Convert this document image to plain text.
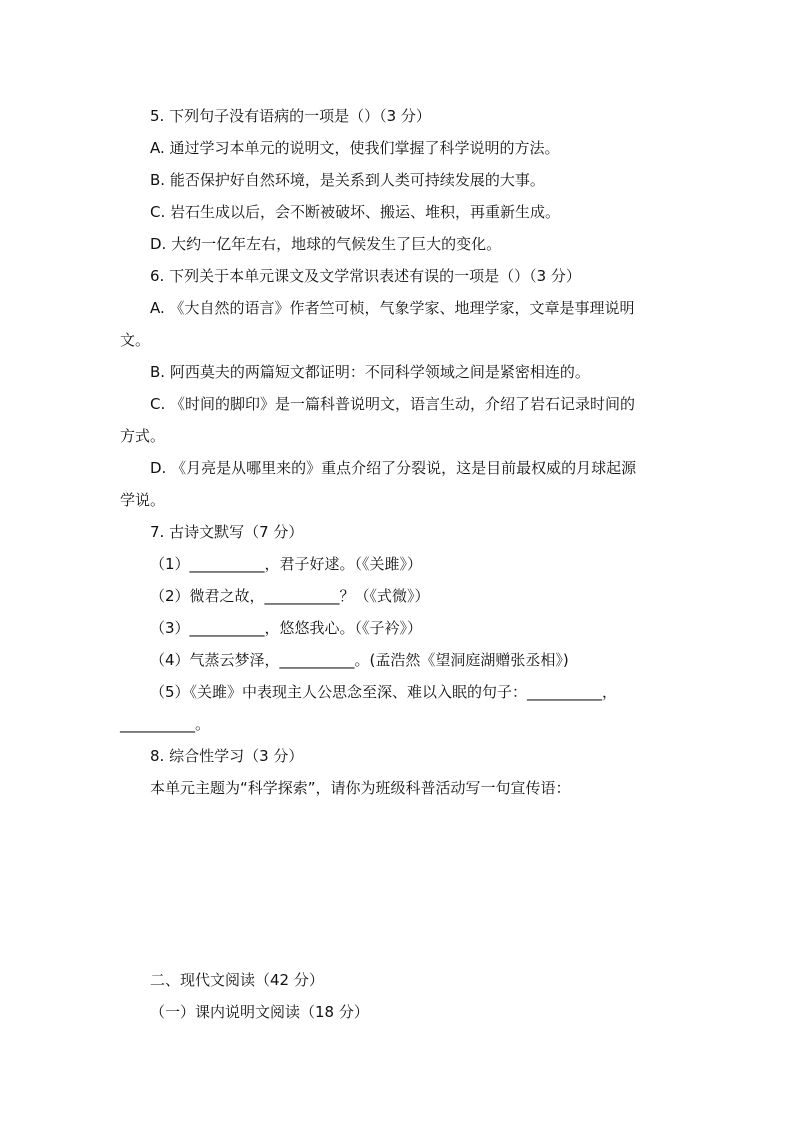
5. 下列句子没有语病的一项是（）（3 分）
A. 通过学习本单元的说明文，使我们掌握了科学说明的方法。
B. 能否保护好自然环境，是关系到人类可持续发展的大事。
C. 岩石生成以后，会不断被破坏、搬运、堆积，再重新生成。
D. 大约一亿年左右，地球的气候发生了巨大的变化。
6. 下列关于本单元课文及文学常识表述有误的一项是（）（3 分）
A. 《大自然的语言》作者竺可桢，气象学家、地理学家，文章是事理说明
文。
B. 阿西莫夫的两篇短文都证明：不同科学领域之间是紧密相连的。
C. 《时间的脚印》是一篇科普说明文，语言生动，介绍了岩石记录时间的
方式。
D. 《月亮是从哪里来的》重点介绍了分裂说，这是目前最权威的月球起源
学说。
7. 古诗文默写（7 分）
（1）__________，君子好逑。（《关雎》）
（2）微君之故，__________？（《式微》）
（3）__________，悠悠我心。（《子衿》）
（4）气蒸云梦泽，__________。(孟浩然《望洞庭湖赠张丞相》)
（5）《关雎》中表现主人公思念至深、难以入眠的句子：__________，
__________。
8. 综合性学习（3 分）
本单元主题为“科学探索”，请你为班级科普活动写一句宣传语：
二、现代文阅读（42 分）
（一）课内说明文阅读（18 分）
